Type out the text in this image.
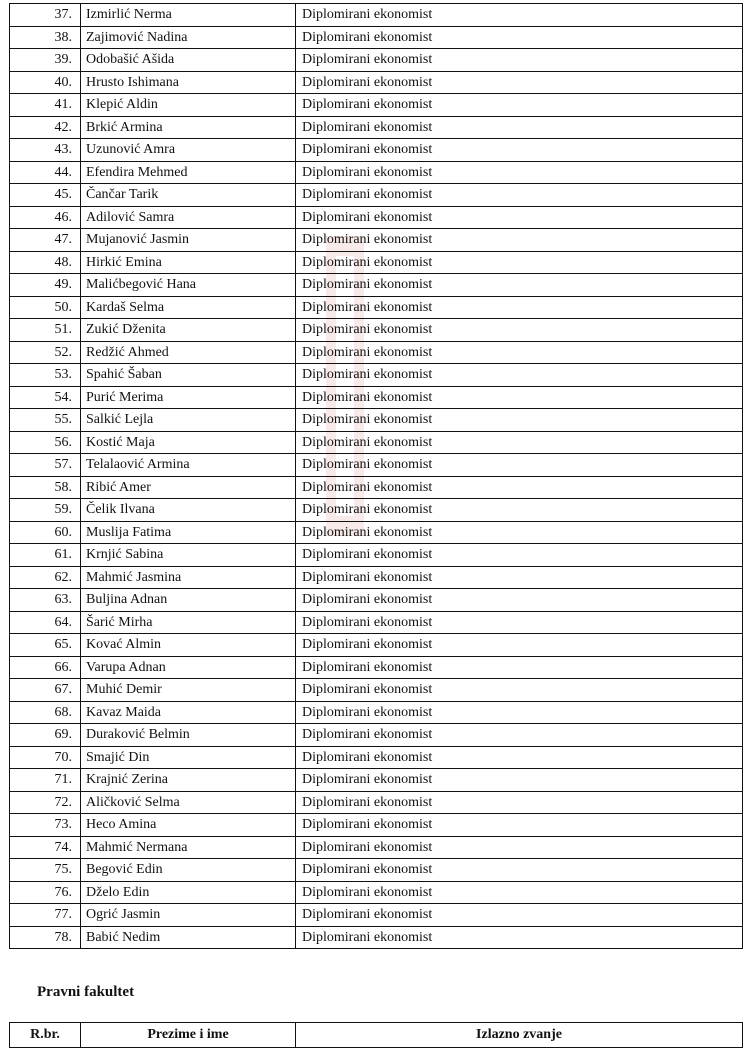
37.	Izmirlić Nerma	Diplomirani ekonomist
38.	Zajimović Nadina	Diplomirani ekonomist
39.	Odobašić Ašida	Diplomirani ekonomist
40.	Hrusto Ishimana	Diplomirani ekonomist
41.	Klepić Aldin	Diplomirani ekonomist
42.	Brkić Armina	Diplomirani ekonomist
43.	Uzunović Amra	Diplomirani ekonomist
44.	Efendira Mehmed	Diplomirani ekonomist
45.	Čančar Tarik	Diplomirani ekonomist
46.	Adilović Samra	Diplomirani ekonomist
47.	Mujanović Jasmin	Diplomirani ekonomist
48.	Hirkić Emina	Diplomirani ekonomist
49.	Malićbegović Hana	Diplomirani ekonomist
50.	Kardaš Selma	Diplomirani ekonomist
51.	Zukić Dženita	Diplomirani ekonomist
52.	Redžić Ahmed	Diplomirani ekonomist
53.	Spahić Šaban	Diplomirani ekonomist
54.	Purić Merima	Diplomirani ekonomist
55.	Salkić Lejla	Diplomirani ekonomist
56.	Kostić Maja	Diplomirani ekonomist
57.	Telalaović Armina	Diplomirani ekonomist
58.	Ribić Amer	Diplomirani ekonomist
59.	Čelik Ilvana	Diplomirani ekonomist
60.	Muslija Fatima	Diplomirani ekonomist
61.	Krnjić Sabina	Diplomirani ekonomist
62.	Mahmić Jasmina	Diplomirani ekonomist
63.	Buljina Adnan	Diplomirani ekonomist
64.	Šarić Mirha	Diplomirani ekonomist
65.	Kovać Almin	Diplomirani ekonomist
66.	Varupa Adnan	Diplomirani ekonomist
67.	Muhić Demir	Diplomirani ekonomist
68.	Kavaz Maida	Diplomirani ekonomist
69.	Duraković Belmin	Diplomirani ekonomist
70.	Smajić Din	Diplomirani ekonomist
71.	Krajnić Zerina	Diplomirani ekonomist
72.	Aličković Selma	Diplomirani ekonomist
73.	Heco Amina	Diplomirani ekonomist
74.	Mahmić Nermana	Diplomirani ekonomist
75.	Begović Edin	Diplomirani ekonomist
76.	Dželo Edin	Diplomirani ekonomist
77.	Ogrić Jasmin	Diplomirani ekonomist
78.	Babić Nedim	Diplomirani ekonomist
Pravni fakultet
R.br.	Prezime i ime	Izlazno zvanje
